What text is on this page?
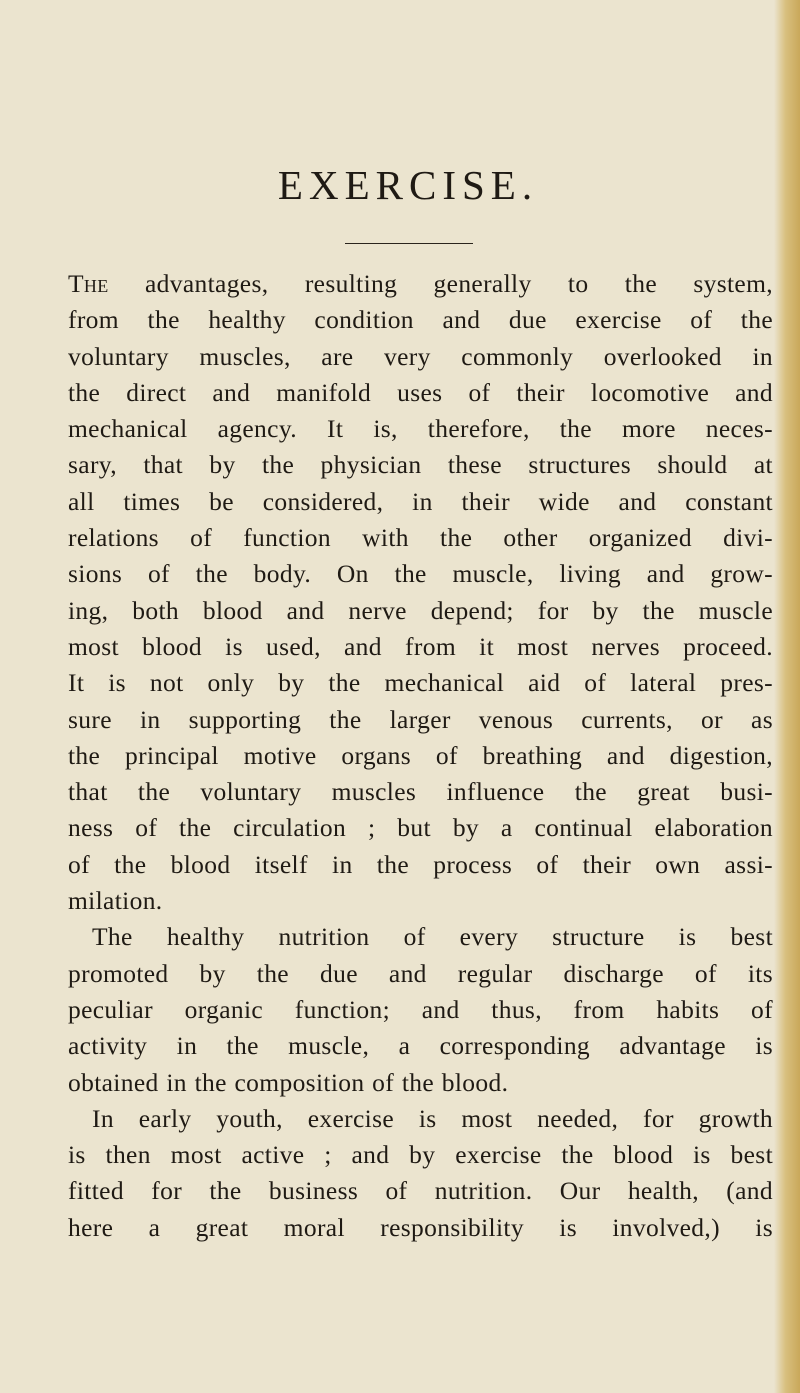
EXERCISE.
The advantages, resulting generally to the system,
from the healthy condition and due exercise of the
voluntary muscles, are very commonly overlooked in
the direct and manifold uses of their locomotive and
mechanical agency. It is, therefore, the more neces-
sary, that by the physician these structures should at
all times be considered, in their wide and constant
relations of function with the other organized divi-
sions of the body. On the muscle, living and grow-
ing, both blood and nerve depend; for by the muscle
most blood is used, and from it most nerves proceed.
It is not only by the mechanical aid of lateral pres-
sure in supporting the larger venous currents, or as
the principal motive organs of breathing and digestion,
that the voluntary muscles influence the great busi-
ness of the circulation ; but by a continual elaboration
of the blood itself in the process of their own assi-
milation.
The healthy nutrition of every structure is best
promoted by the due and regular discharge of its
peculiar organic function; and thus, from habits of
activity in the muscle, a corresponding advantage is
obtained in the composition of the blood.
In early youth, exercise is most needed, for growth
is then most active ; and by exercise the blood is best
fitted for the business of nutrition. Our health, (and
here a great moral responsibility is involved,) is
